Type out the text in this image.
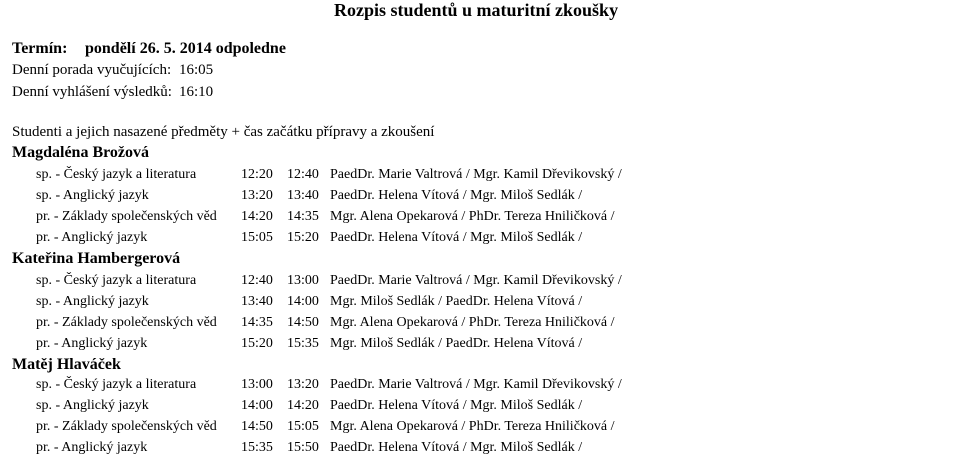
Rozpis studentů u maturitní zkoušky
Termín: pondělí 26. 5. 2014 odpoledne
Denní porada vyučujících: 16:05
Denní vyhlášení výsledků: 16:10
Studenti a jejich nasazené předměty + čas začátku přípravy a zkoušení
Magdaléna Brožová
sp. - Český jazyk a literatura	12:20 12:40 PaedDr. Marie Valtrová / Mgr. Kamil Dřevikovský /
sp. - Anglický jazyk	13:20 13:40 PaedDr. Helena Vítová / Mgr. Miloš Sedlák /
pr. - Základy společenských věd 14:20 14:35 Mgr. Alena Opekarová / PhDr. Tereza Hniličková /
pr. - Anglický jazyk	15:05 15:20 PaedDr. Helena Vítová / Mgr. Miloš Sedlák /
Kateřina Hambergerová
sp. - Český jazyk a literatura	12:40 13:00 PaedDr. Marie Valtrová / Mgr. Kamil Dřevikovský /
sp. - Anglický jazyk	13:40 14:00 Mgr. Miloš Sedlák / PaedDr. Helena Vítová /
pr. - Základy společenských věd 14:35 14:50 Mgr. Alena Opekarová / PhDr. Tereza Hniličková /
pr. - Anglický jazyk	15:20 15:35 Mgr. Miloš Sedlák / PaedDr. Helena Vítová /
Matěj Hlaváček
sp. - Český jazyk a literatura	13:00 13:20 PaedDr. Marie Valtrová / Mgr. Kamil Dřevikovský /
sp. - Anglický jazyk	14:00 14:20 PaedDr. Helena Vítová / Mgr. Miloš Sedlák /
pr. - Základy společenských věd 14:50 15:05 Mgr. Alena Opekarová / PhDr. Tereza Hniličková /
pr. - Anglický jazyk	15:35 15:50 PaedDr. Helena Vítová / Mgr. Miloš Sedlák /
